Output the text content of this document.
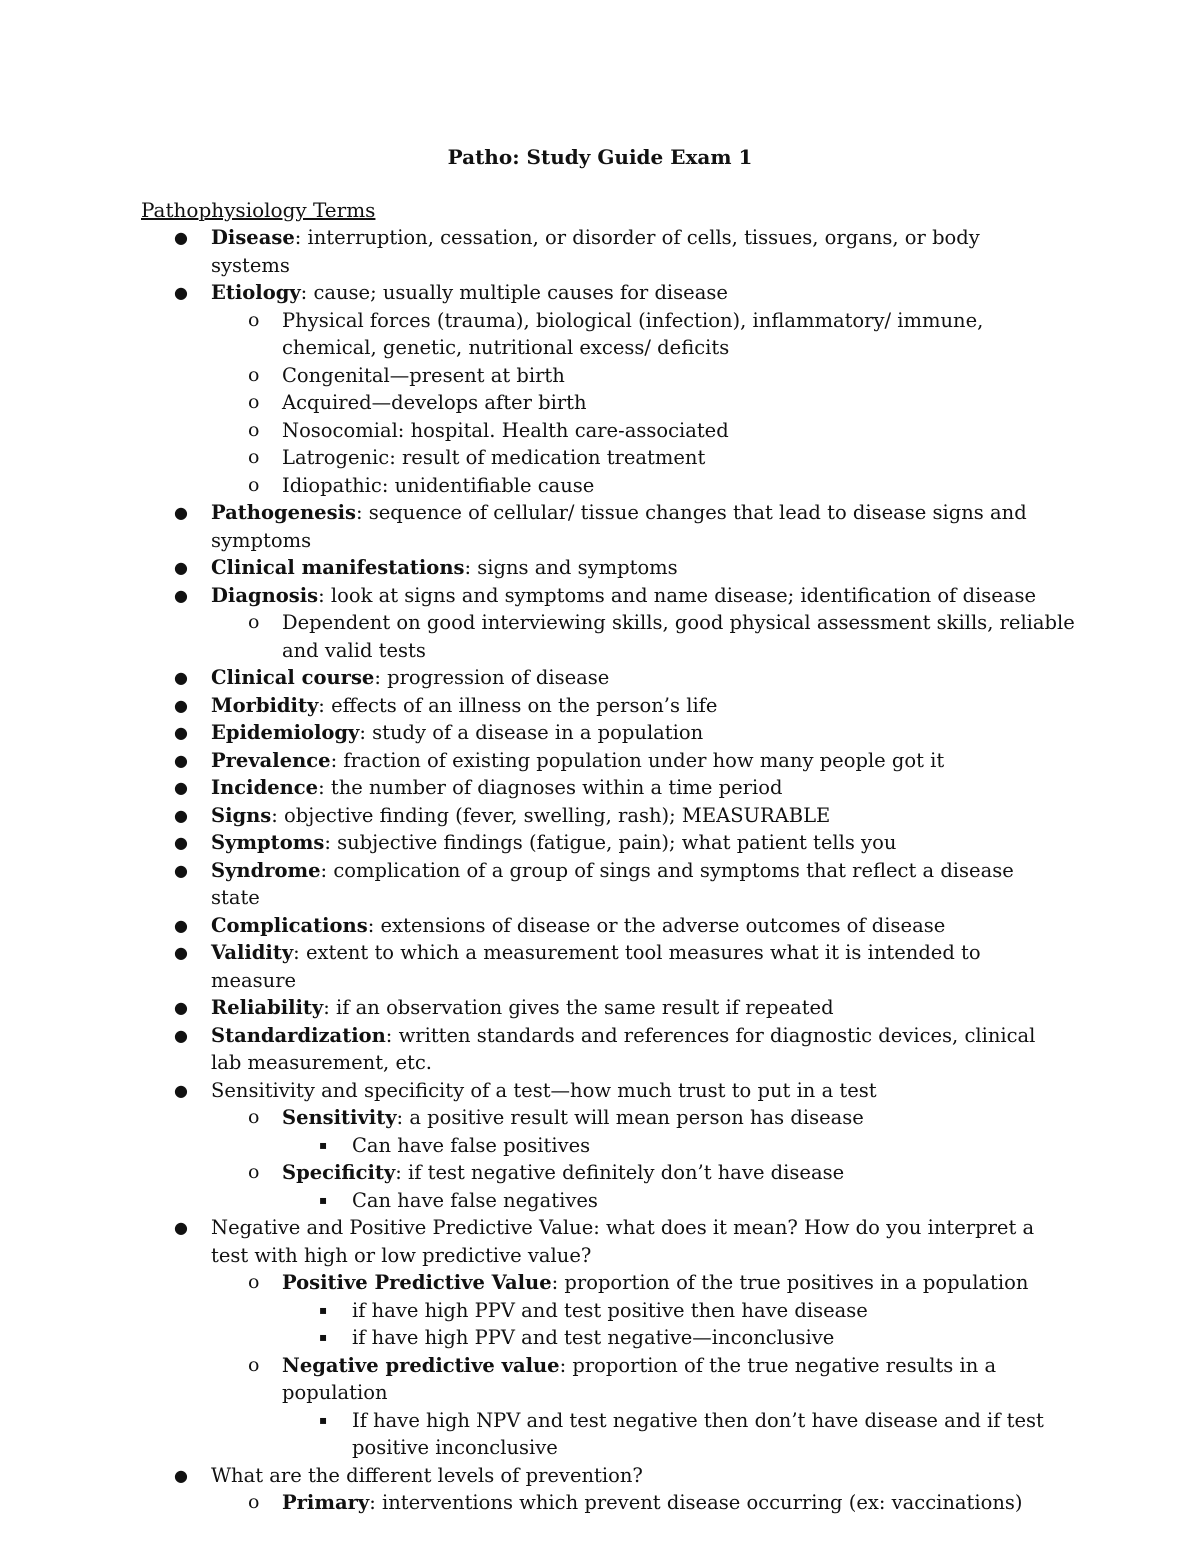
Patho: Study Guide Exam 1
Pathophysiology Terms
● Disease: interruption, cessation, or disorder of cells, tissues, organs, or body systems
● Etiology: cause; usually multiple causes for disease
o Physical forces (trauma), biological (infection), inflammatory/ immune, chemical, genetic, nutritional excess/ deficits
o Congenital—present at birth
o Acquired—develops after birth
o Nosocomial: hospital. Health care-associated
o Latrogenic: result of medication treatment
o Idiopathic: unidentifiable cause
● Pathogenesis: sequence of cellular/ tissue changes that lead to disease signs and symptoms
● Clinical manifestations: signs and symptoms
● Diagnosis: look at signs and symptoms and name disease; identification of disease
o Dependent on good interviewing skills, good physical assessment skills, reliable and valid tests
● Clinical course: progression of disease
● Morbidity: effects of an illness on the person’s life
● Epidemiology: study of a disease in a population
● Prevalence: fraction of existing population under how many people got it
● Incidence: the number of diagnoses within a time period
● Signs: objective finding (fever, swelling, rash); MEASURABLE
● Symptoms: subjective findings (fatigue, pain); what patient tells you
● Syndrome: complication of a group of sings and symptoms that reflect a disease state
● Complications: extensions of disease or the adverse outcomes of disease
● Validity: extent to which a measurement tool measures what it is intended to measure
● Reliability: if an observation gives the same result if repeated
● Standardization: written standards and references for diagnostic devices, clinical lab measurement, etc.
● Sensitivity and specificity of a test—how much trust to put in a test
o Sensitivity: a positive result will mean person has disease
▪ Can have false positives
o Specificity: if test negative definitely don’t have disease
▪ Can have false negatives
● Negative and Positive Predictive Value: what does it mean? How do you interpret a test with high or low predictive value?
o Positive Predictive Value: proportion of the true positives in a population
▪ if have high PPV and test positive then have disease
▪ if have high PPV and test negative—inconclusive
o Negative predictive value: proportion of the true negative results in a population
▪ If have high NPV and test negative then don’t have disease and if test positive inconclusive
● What are the different levels of prevention?
o Primary: interventions which prevent disease occurring (ex: vaccinations)
